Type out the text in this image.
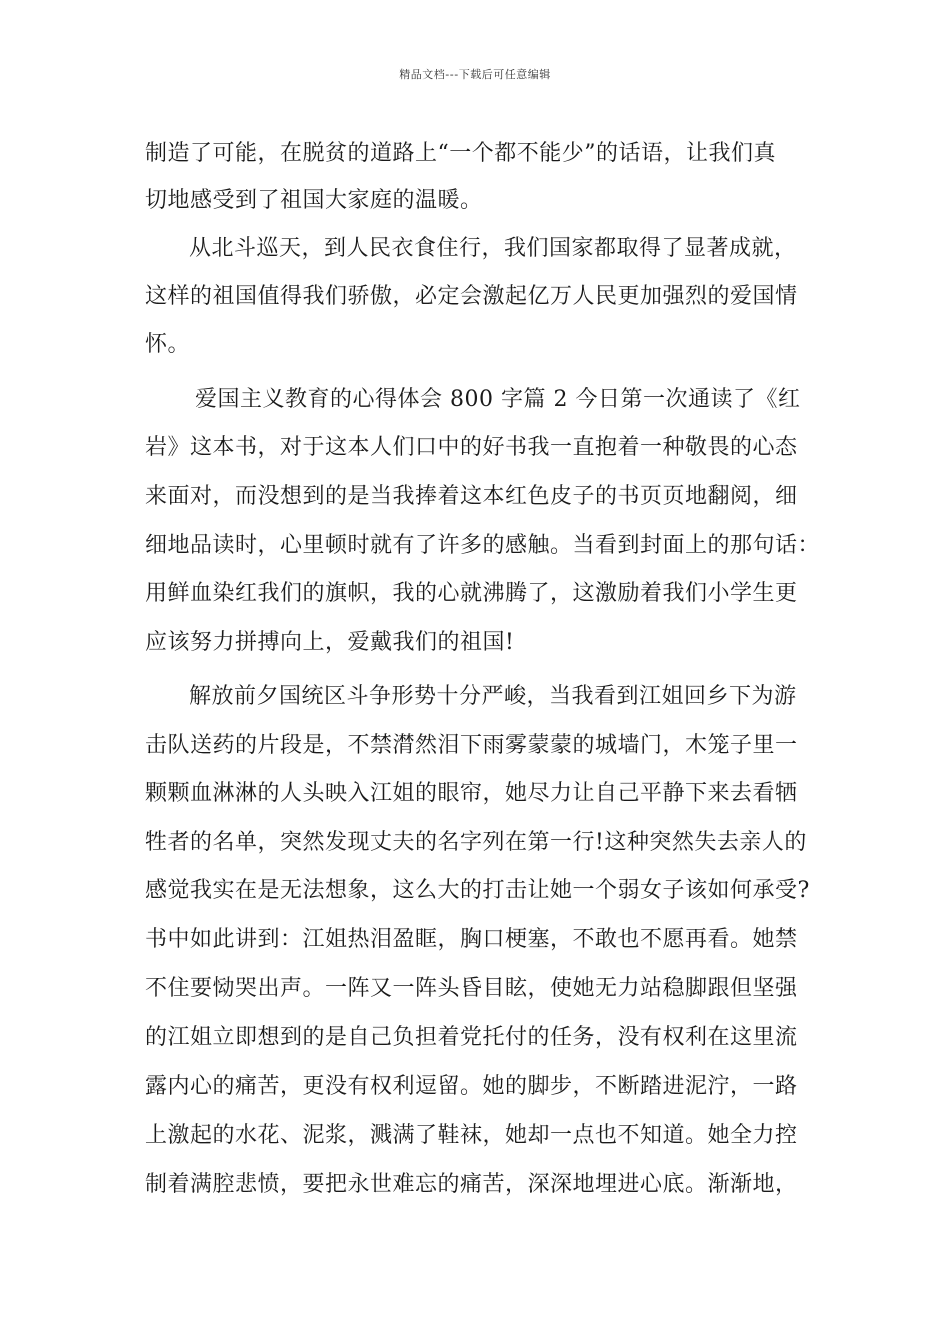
精品文档---下载后可任意编辑
制造了可能，在脱贫的道路上“一个都不能少”的话语，让我们真
切地感受到了祖国大家庭的温暖。
从北斗巡天，到人民衣食住行，我们国家都取得了显著成就，
这样的祖国值得我们骄傲，必定会激起亿万人民更加强烈的爱国情
怀。
爱国主义教育的心得体会 800 字篇 2 今日第一次通读了《红
岩》这本书，对于这本人们口中的好书我一直抱着一种敬畏的心态
来面对，而没想到的是当我捧着这本红色皮子的书页页地翻阅，细
细地品读时，心里顿时就有了许多的感触。当看到封面上的那句话：
用鲜血染红我们的旗帜，我的心就沸腾了，这激励着我们小学生更
应该努力拼搏向上，爱戴我们的祖国!
解放前夕国统区斗争形势十分严峻，当我看到江姐回乡下为游
击队送药的片段是，不禁潸然泪下雨雾蒙蒙的城墙门，木笼子里一
颗颗血淋淋的人头映入江姐的眼帘，她尽力让自己平静下来去看牺
牲者的名单，突然发现丈夫的名字列在第一行!这种突然失去亲人的
感觉我实在是无法想象，这么大的打击让她一个弱女子该如何承受?
书中如此讲到：江姐热泪盈眶，胸口梗塞，不敢也不愿再看。她禁
不住要恸哭出声。一阵又一阵头昏目眩，使她无力站稳脚跟但坚强
的江姐立即想到的是自己负担着党托付的任务，没有权利在这里流
露内心的痛苦，更没有权利逗留。她的脚步，不断踏进泥泞，一路
上激起的水花、泥浆，溅满了鞋袜，她却一点也不知道。她全力控
制着满腔悲愤，要把永世难忘的痛苦，深深地埋进心底。渐渐地，
